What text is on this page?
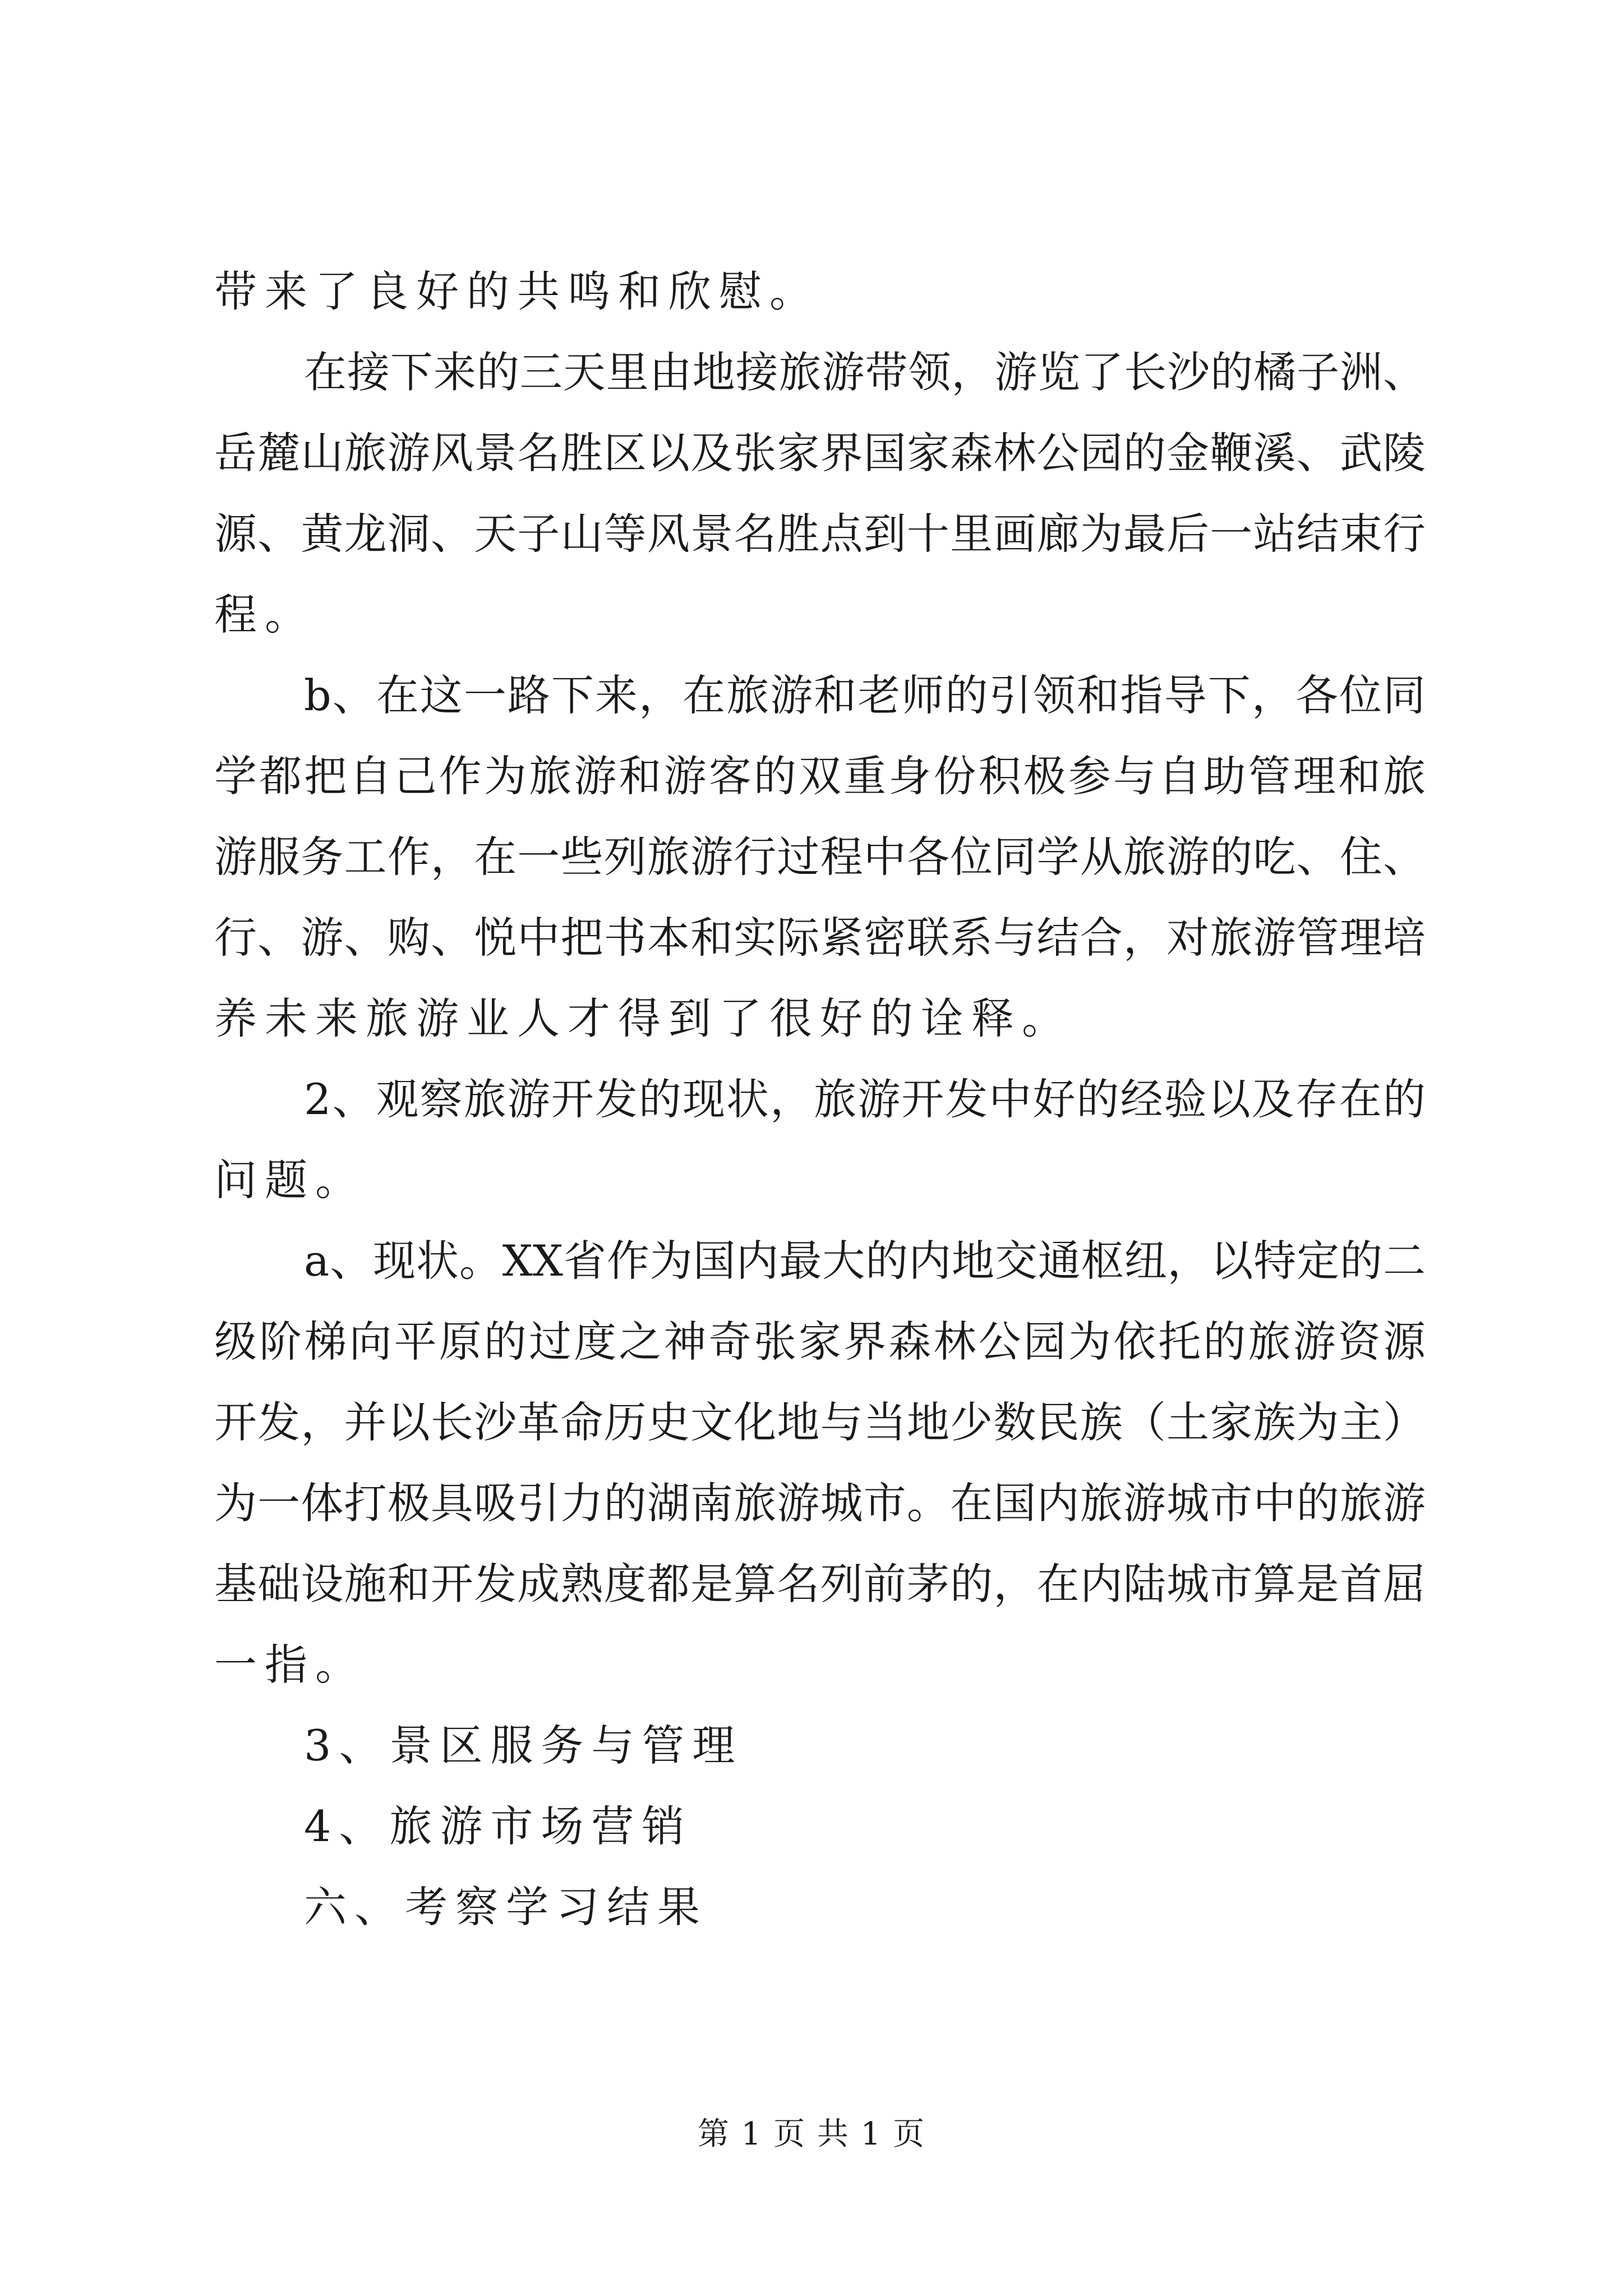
带来了良好的共鸣和欣慰。
在接下来的三天里由地接旅游带领，游览了长沙的橘子洲、
岳麓山旅游风景名胜区以及张家界国家森林公园的金鞭溪、武陵
源、黄龙洞、天子山等风景名胜点到十里画廊为最后一站结束行
程。
b、在这一路下来，在旅游和老师的引领和指导下，各位同
学都把自己作为旅游和游客的双重身份积极参与自助管理和旅
游服务工作，在一些列旅游行过程中各位同学从旅游的吃、住、
行、游、购、悦中把书本和实际紧密联系与结合，对旅游管理培
养未来旅游业人才得到了很好的诠释。
2、观察旅游开发的现状，旅游开发中好的经验以及存在的
问题。
a、现状。XX省作为国内最大的内地交通枢纽，以特定的二
级阶梯向平原的过度之神奇张家界森林公园为依托的旅游资源
开发，并以长沙革命历史文化地与当地少数民族（土家族为主）
为一体打极具吸引力的湖南旅游城市。在国内旅游城市中的旅游
基础设施和开发成熟度都是算名列前茅的，在内陆城市算是首屈
一指。
3、景区服务与管理
4、旅游市场营销
六、考察学习结果
第 1 页 共 1 页
